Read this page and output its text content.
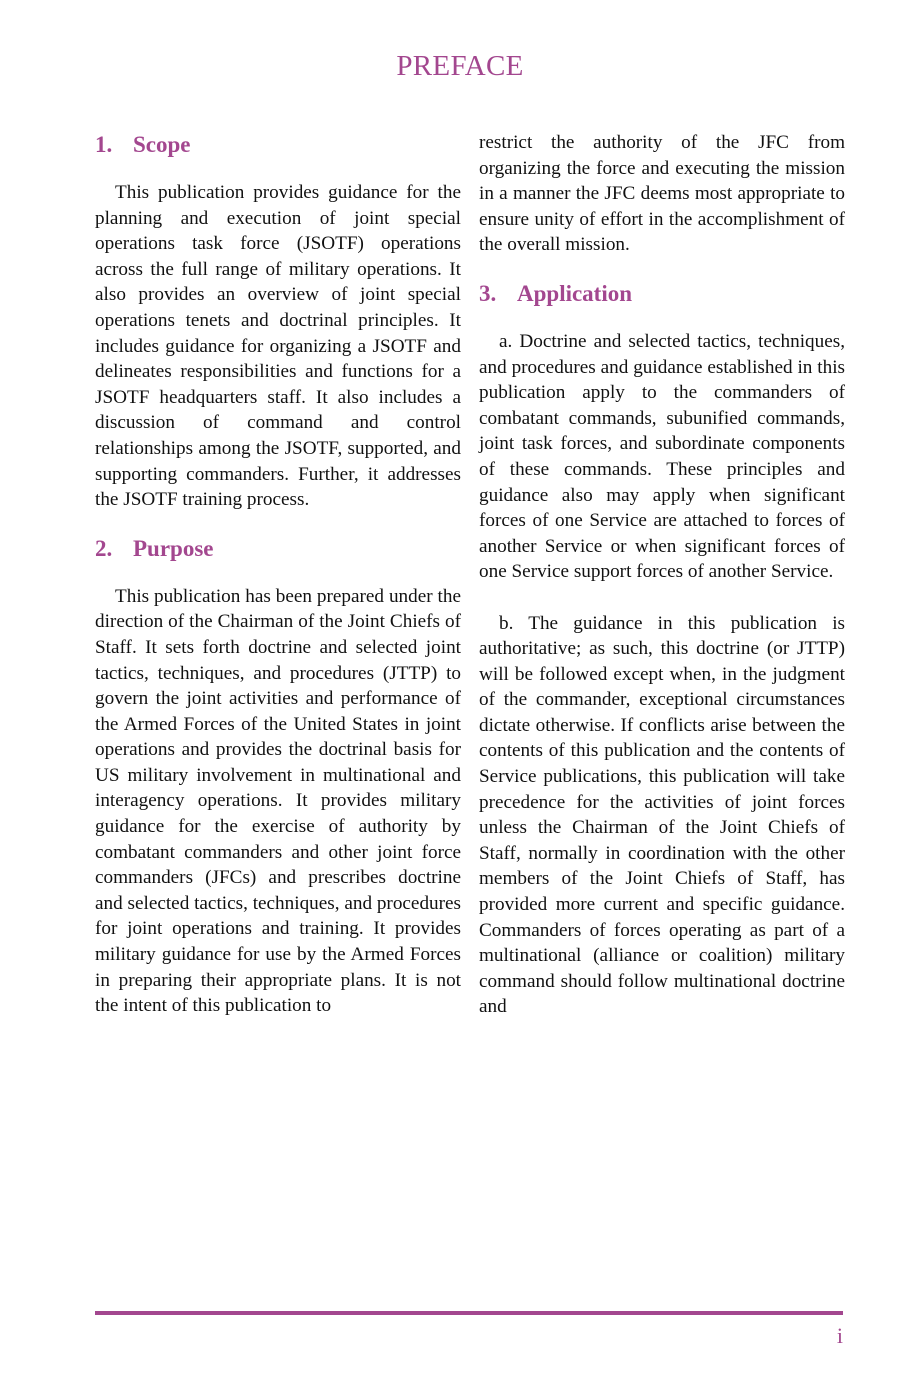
PREFACE
1. Scope

This publication provides guidance for the planning and execution of joint special operations task force (JSOTF) operations across the full range of military operations. It also provides an overview of joint special operations tenets and doctrinal principles. It includes guidance for organizing a JSOTF and delineates responsibilities and functions for a JSOTF headquarters staff. It also includes a discussion of command and control relationships among the JSOTF, supported, and supporting commanders. Further, it addresses the JSOTF training process.

2. Purpose

This publication has been prepared under the direction of the Chairman of the Joint Chiefs of Staff. It sets forth doctrine and selected joint tactics, techniques, and procedures (JTTP) to govern the joint activities and performance of the Armed Forces of the United States in joint operations and provides the doctrinal basis for US military involvement in multinational and interagency operations. It provides military guidance for the exercise of authority by combatant commanders and other joint force commanders (JFCs) and prescribes doctrine and selected tactics, techniques, and procedures for joint operations and training. It provides military guidance for use by the Armed Forces in preparing their appropriate plans. It is not the intent of this publication to

restrict the authority of the JFC from organizing the force and executing the mission in a manner the JFC deems most appropriate to ensure unity of effort in the accomplishment of the overall mission.

3. Application

a. Doctrine and selected tactics, techniques, and procedures and guidance established in this publication apply to the commanders of combatant commands, subunified commands, joint task forces, and subordinate components of these commands. These principles and guidance also may apply when significant forces of one Service are attached to forces of another Service or when significant forces of one Service support forces of another Service.

b. The guidance in this publication is authoritative; as such, this doctrine (or JTTP) will be followed except when, in the judgment of the commander, exceptional circumstances dictate otherwise. If conflicts arise between the contents of this publication and the contents of Service publications, this publication will take precedence for the activities of joint forces unless the Chairman of the Joint Chiefs of Staff, normally in coordination with the other members of the Joint Chiefs of Staff, has provided more current and specific guidance. Commanders of forces operating as part of a multinational (alliance or coalition) military command should follow multinational doctrine and

i
